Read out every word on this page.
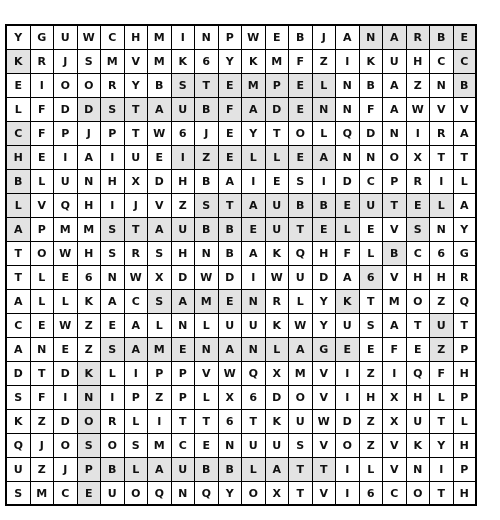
Y	G	U	W	C	H	M	I	N	P	W	E	B	J	A	N	A	R	B	E
K	R	J	S	M	V	M	K	6	Y	K	M	F	Z	I	K	U	H	C	C
E	I	O	O	R	Y	B	S	T	E	M	P	E	L	N	B	A	Z	N	B
L	F	D	D	S	T	A	U	B	F	A	D	E	N	N	F	A	W	V	V
C	F	P	J	P	T	W	6	J	E	Y	T	O	L	Q	D	N	I	R	A
H	E	I	A	I	U	E	I	Z	E	L	L	E	A	N	N	O	X	T	T
B	L	U	N	H	X	D	H	B	A	I	E	S	I	D	C	P	R	I	L
L	V	Q	H	I	J	V	Z	S	T	A	U	B	B	E	U	T	E	L	A
A	P	M	M	S	T	A	U	B	B	E	U	T	E	L	E	V	S	N	Y
T	O	W	H	S	R	S	H	N	B	A	K	Q	H	F	L	B	C	6	G
T	L	E	6	N	W	X	D	W	D	I	W	U	D	A	6	V	H	H	R
A	L	L	K	A	C	S	A	M	E	N	R	L	Y	K	T	M	O	Z	Q
C	E	W	Z	E	A	L	N	L	U	U	K	W	Y	U	S	A	T	U	T
A	N	E	Z	S	A	M	E	N	A	N	L	A	G	E	E	F	E	Z	P
D	T	D	K	L	I	P	P	V	W	Q	X	M	V	I	Z	I	Q	F	H
S	F	I	N	I	P	Z	P	L	X	6	D	O	V	I	H	X	H	L	P
K	Z	D	O	R	L	I	T	T	6	T	K	U	W	D	Z	X	U	T	L
Q	J	O	S	O	S	M	C	E	N	U	U	S	V	O	Z	V	K	Y	H
U	Z	J	P	B	L	A	U	B	B	L	A	T	T	I	L	V	N	I	P
S	M	C	E	U	O	Q	N	Q	Y	O	X	T	V	I	6	C	O	T	H
